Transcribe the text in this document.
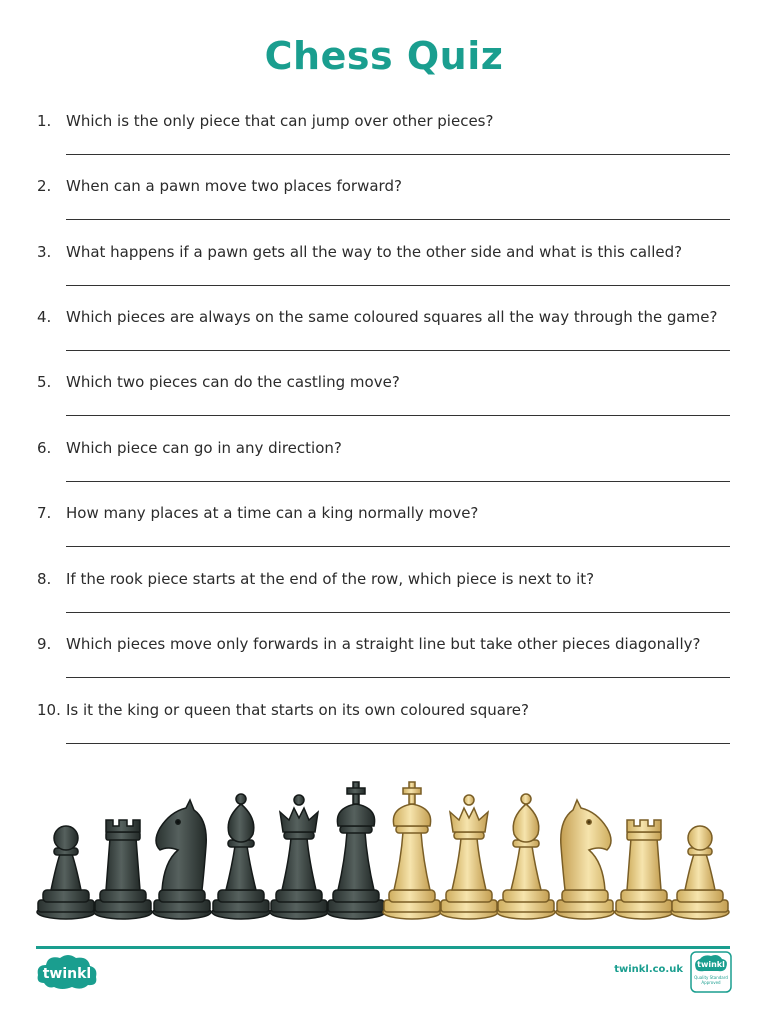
Chess Quiz
1. Which is the only piece that can jump over other pieces?
2. When can a pawn move two places forward?
3. What happens if a pawn gets all the way to the other side and what is this called?
4. Which pieces are always on the same coloured squares all the way through the game?
5. Which two pieces can do the castling move?
6. Which piece can go in any direction?
7. How many places at a time can a king normally move?
8. If the rook piece starts at the end of the row, which piece is next to it?
9. Which pieces move only forwards in a straight line but take other pieces diagonally?
10. Is it the king or queen that starts on its own coloured square?
twinkl	twinkl.co.uk twinkl
Quality Standard Approved
